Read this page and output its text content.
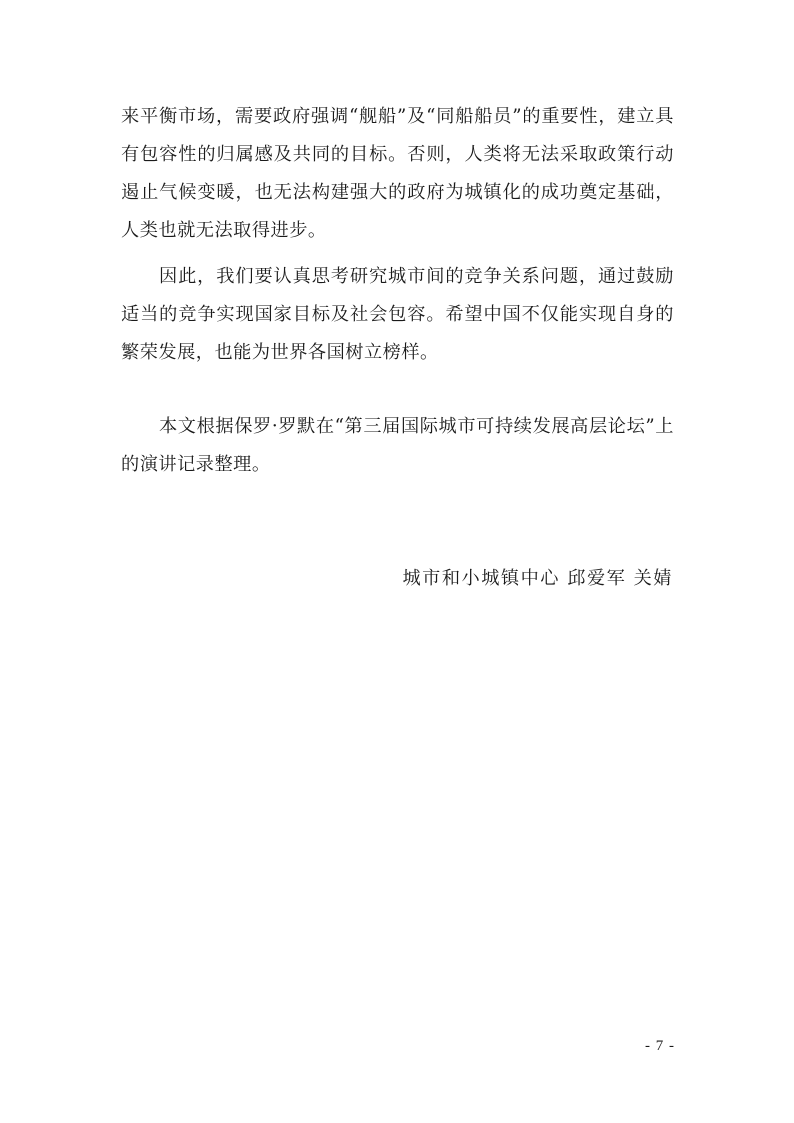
来平衡市场，需要政府强调“舰船”及“同船船员”的重要性，建立具有包容性的归属感及共同的目标。否则，人类将无法采取政策行动遏止气候变暖，也无法构建强大的政府为城镇化的成功奠定基础，人类也就无法取得进步。

因此，我们要认真思考研究城市间的竞争关系问题，通过鼓励适当的竞争实现国家目标及社会包容。希望中国不仅能实现自身的繁荣发展，也能为世界各国树立榜样。

本文根据保罗·罗默在“第三届国际城市可持续发展高层论坛”上的演讲记录整理。

城市和小城镇中心 邱爱军 关婧
- 7 -
